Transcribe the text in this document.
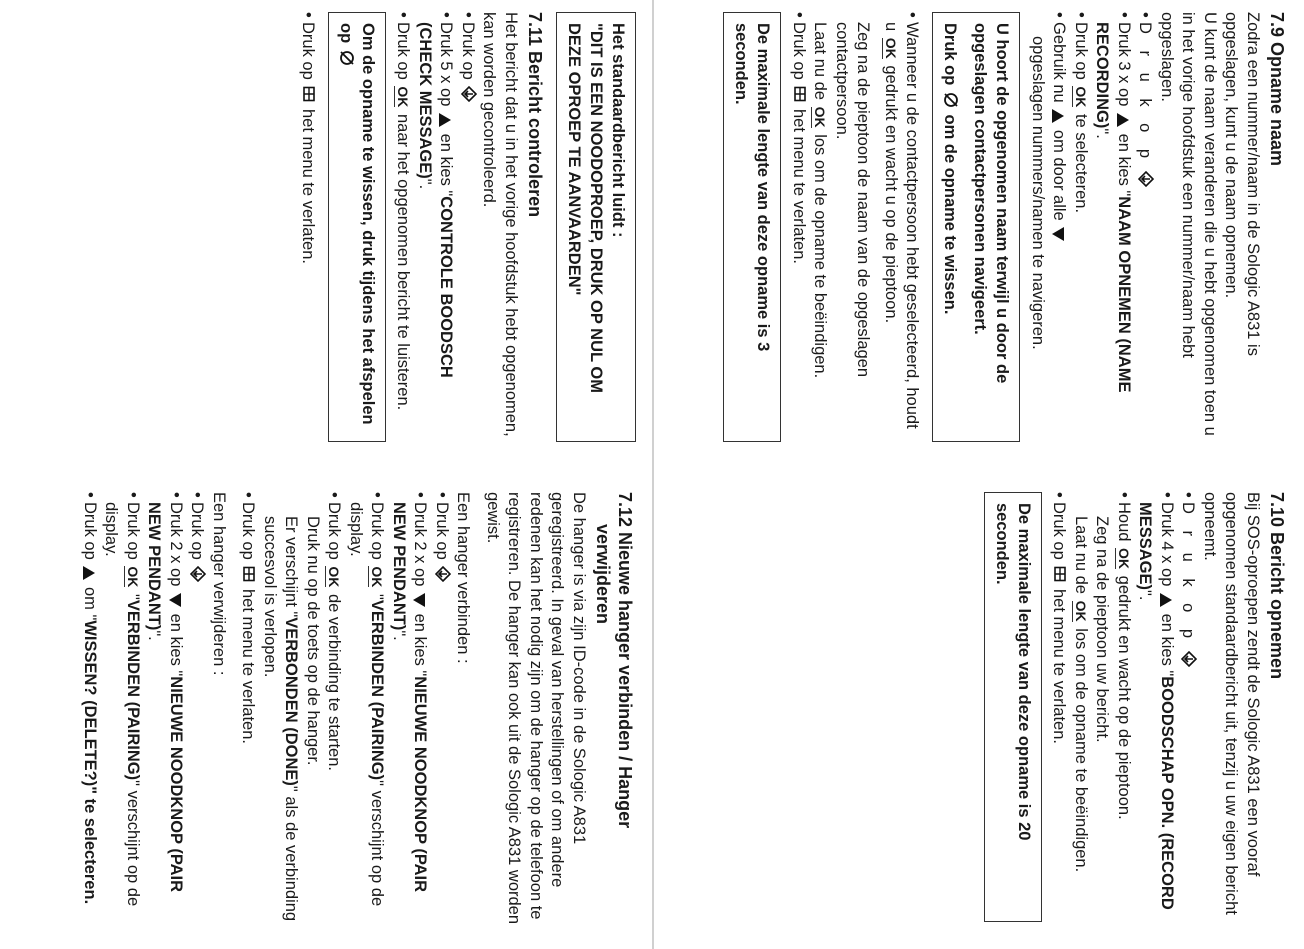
7.9 Opname naam

Zodra een nummer/naam in de Sologic A831 is opgeslagen, kunt u de naam opnemen.

U kunt de naam veranderen die u hebt opgenomen toen u in het vorige hoofdstuk een nummer/naam hebt opgeslagen.

• D r u k o p
• Druk 3 x op  en kies "NAAM OPNEMEN (NAME RECORDING)".
• Druk op OK te selecteren.
• Gebruik nu  om door alle
opgeslagen nummers/namen te navigeren.

U hoort de opgenomen naam terwijl u door de opgeslagen contactpersonen navigeert.

Druk op  om de opname te wissen.

• Wanneer u de contactpersoon hebt geselecteerd, houdt u OK gedrukt en wacht u op de pieptoon.
Zeg na de pieptoon de naam van de opgeslagen contactpersoon.
Laat nu de OK los om de opname te beëindigen.
• Druk op  het menu te verlaten.
De maximale lengte van deze opname is 3 seconden.
7.10 Bericht opnemen

Bij SOS-oproepen zendt de Sologic A831 een vooraf opgenomen standaardbericht uit, tenzij u uw eigen bericht opneemt.

• D r u k o p
• Druk 4 x op  en kies "BOODSCHAP OPN. (RECORD MESSAGE)".
• Houd OK gedrukt en wacht op de pieptoon.
Zeg na de pieptoon uw bericht.
Laat nu de OK los om de opname te beëindigen.
• Druk op  het menu te verlaten.
De maximale lengte van deze opname is 20 seconden.

Het standaardbericht luidt :

"DIT IS EEN NOODOPROEP, DRUK OP NUL OM DEZE OPROEP TE AANVAARDEN"

7.11 Bericht controleren

Het bericht dat u in het vorige hoofdstuk hebt opgenomen, kan worden gecontroleerd.

• Druk op
• Druk 5 x op  en kies "CONTROLE BOODSCH (CHECK MESSAGE)".
• Druk op OK naar het opgenomen bericht te luisteren.
Om de opname te wissen, druk tijdens het afspelen op
• Druk op  het menu te verlaten.
7.12 Nieuwe hanger verbinden / Hanger
verwijderen

De hanger is via zijn ID-code in de Sologic A831 geregistreerd. In geval van herstellingen of om andere redenen kan het nodig zijn om de hanger op de telefoon te registreren. De hanger kan ook uit de Sologic A831 worden gewist.

Een hanger verbinden :

• Druk op
• Druk 2 x op  en kies "NIEUWE NOODKNOP (PAIR NEW PENDANT)".
• Druk op OK "VERBINDEN (PAIRING)" verschijnt op de display.
• Druk op OK de verbinding te starten.
Druk nu op de toets op de hanger.
Er verschijnt "VERBONDEN (DONE)" als de verbinding succesvol is verlopen.
• Druk op  het menu te verlaten.

Een hanger verwijderen :

• Druk op
• Druk 2 x op  en kies "NIEUWE NOODKNOP (PAIR NEW PENDANT)".
• Druk op OK "VERBINDEN (PAIRING)" verschijnt op de display.
• Druk op  om "WISSEN? (DELETE?)" te selecteren.
